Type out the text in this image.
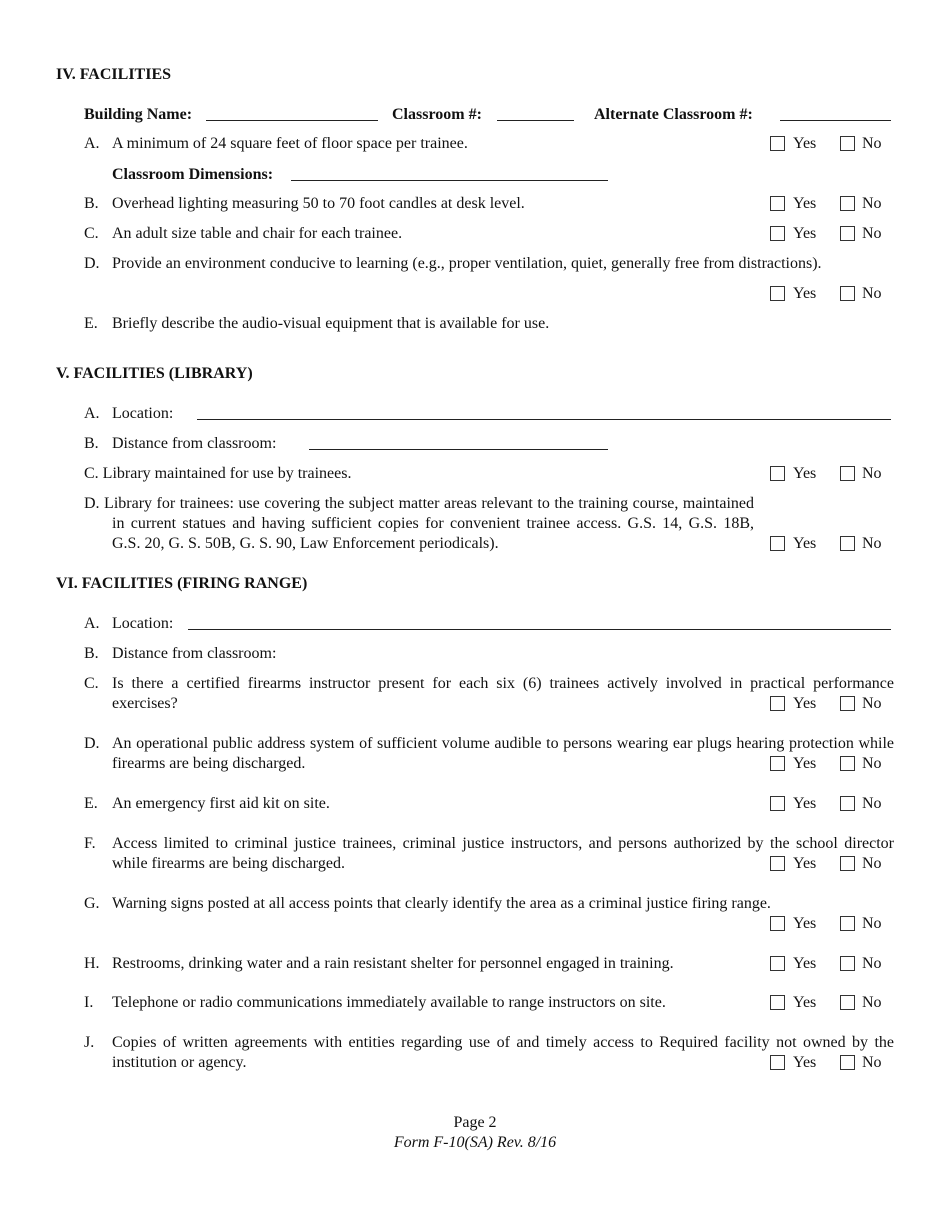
IV. FACILITIES
Building Name:	Classroom #:	Alternate Classroom #:
A. A minimum of 24 square feet of floor space per trainee.	Yes	No
Classroom Dimensions:
B. Overhead lighting measuring 50 to 70 foot candles at desk level.	Yes	No
C. An adult size table and chair for each trainee.	Yes	No
D. Provide an environment conducive to learning (e.g., proper ventilation, quiet, generally free from distractions).
Yes	No
E. Briefly describe the audio-visual equipment that is available for use.
V. FACILITIES (LIBRARY)
A. Location:
B. Distance from classroom:
C. Library maintained for use by trainees.	Yes	No
D. Library for trainees: use covering the subject matter areas relevant to the training course, maintained in current statues and having sufficient copies for convenient trainee access. G.S. 14, G.S. 18B, G.S. 20, G. S. 50B, G. S. 90, Law Enforcement periodicals).	Yes	No
VI. FACILITIES (FIRING RANGE)
A. Location:
B. Distance from classroom:
C. Is there a certified firearms instructor present for each six (6) trainees actively involved in practical performance exercises?	Yes	No
D. An operational public address system of sufficient volume audible to persons wearing ear plugs hearing protection while firearms are being discharged.	Yes	No
E. An emergency first aid kit on site.	Yes	No
F. Access limited to criminal justice trainees, criminal justice instructors, and persons authorized by the school director while firearms are being discharged.	Yes	No
G. Warning signs posted at all access points that clearly identify the area as a criminal justice firing range.
Yes	No
H. Restrooms, drinking water and a rain resistant shelter for personnel engaged in training.	Yes	No
I. Telephone or radio communications immediately available to range instructors on site.	Yes	No
J. Copies of written agreements with entities regarding use of and timely access to Required facility not owned by the institution or agency.	Yes	No
Page 2
Form F-10(SA) Rev. 8/16
